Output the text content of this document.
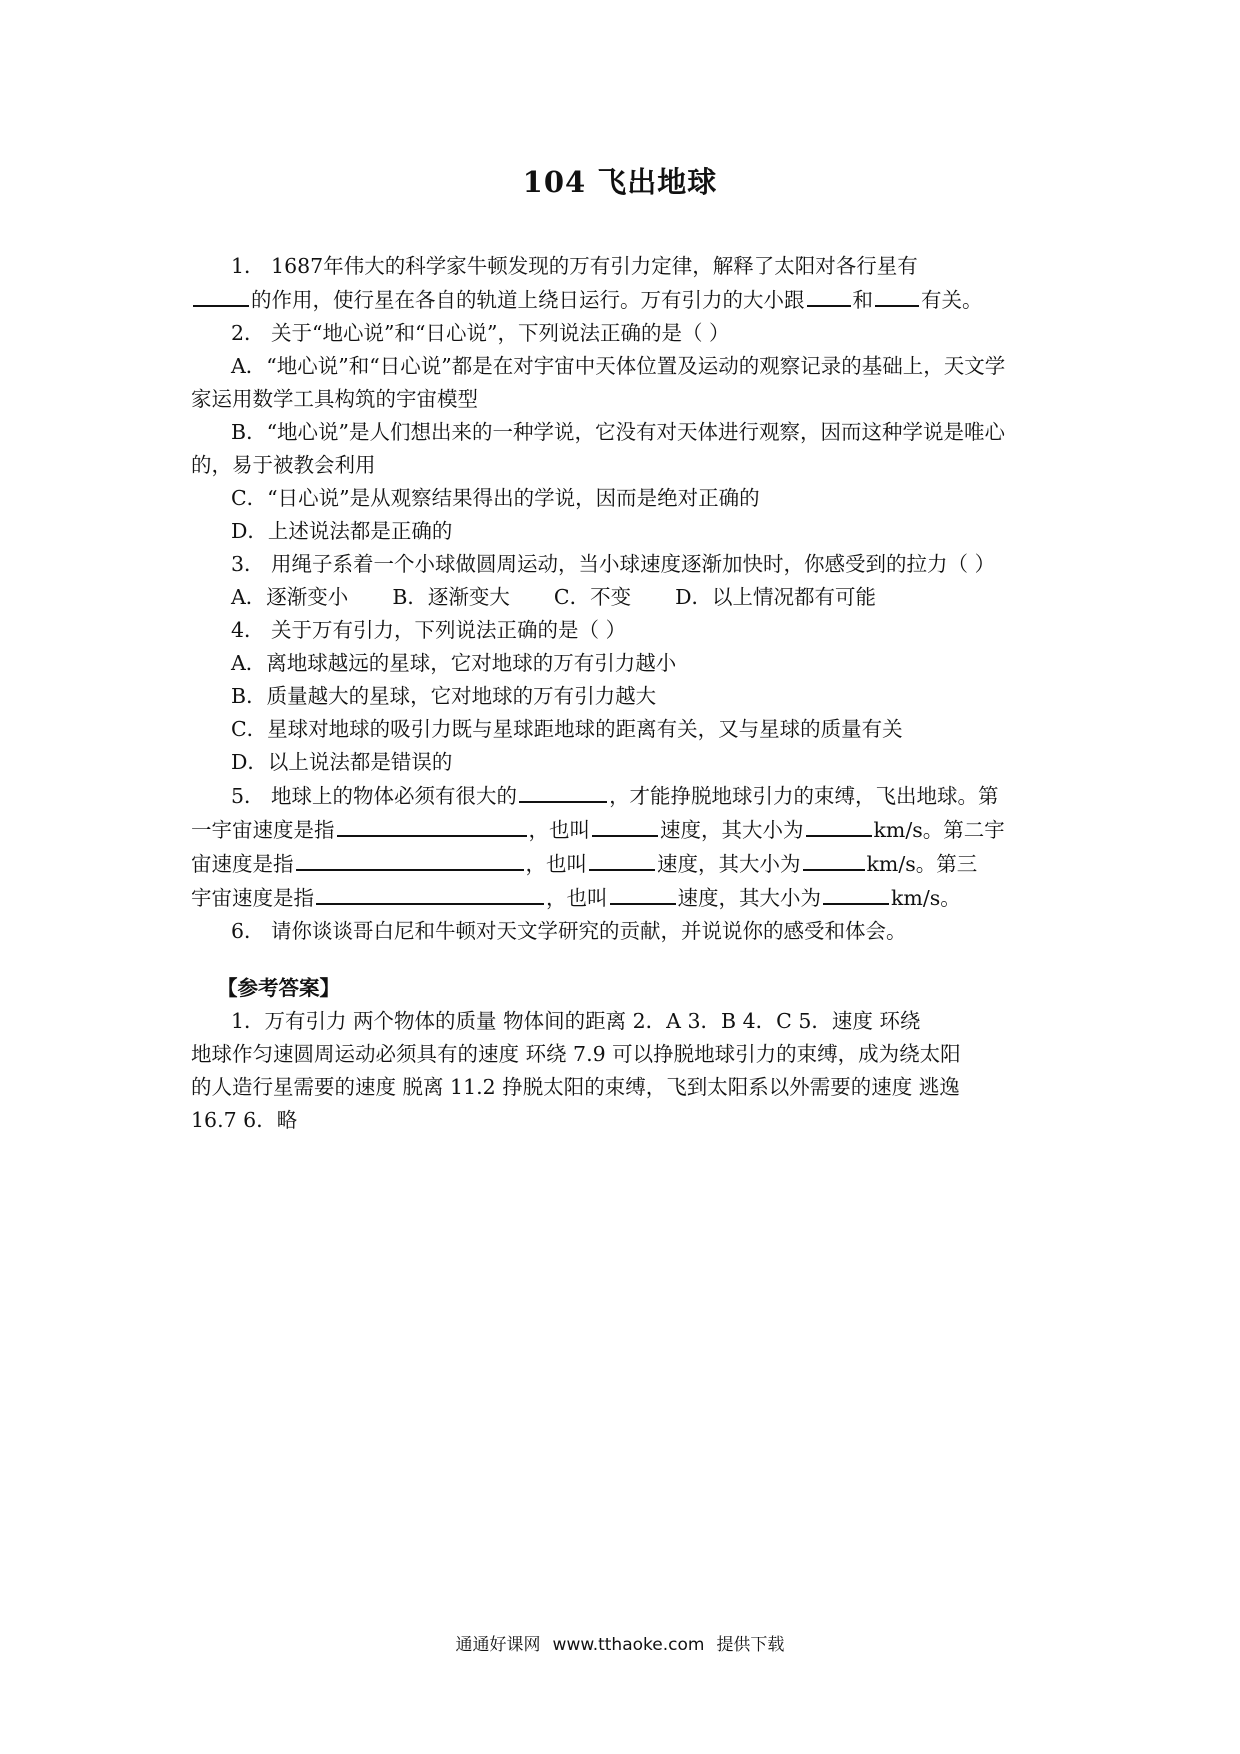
104 飞出地球
1． 1687年伟大的科学家牛顿发现的万有引力定律，解释了太阳对各行星有
的作用，使行星在各自的轨道上绕日运行。万有引力的大小跟 和 有关。
2． 关于“地心说”和“日心说”，下列说法正确的是（ ）
A．“地心说”和“日心说”都是在对宇宙中天体位置及运动的观察记录的基础上，天文学
家运用数学工具构筑的宇宙模型
B．“地心说”是人们想出来的一种学说，它没有对天体进行观察，因而这种学说是唯心
的，易于被教会利用
C．“日心说”是从观察结果得出的学说，因而是绝对正确的
D．上述说法都是正确的
3． 用绳子系着一个小球做圆周运动，当小球速度逐渐加快时，你感受到的拉力（ ）
A．逐渐变小 B．逐渐变大 C．不变 D．以上情况都有可能
4． 关于万有引力，下列说法正确的是（ ）
A．离地球越远的星球，它对地球的万有引力越小
B．质量越大的星球，它对地球的万有引力越大
C．星球对地球的吸引力既与星球距地球的距离有关，又与星球的质量有关
D．以上说法都是错误的
5． 地球上的物体必须有很大的	，才能挣脱地球引力的束缚，飞出地球。第
一宇宙速度是指	，也叫	速度，其大小为	km/s。第二宇
宙速度是指	，也叫	速度，其大小为	km/s。第三
宇宙速度是指	，也叫	速度，其大小为	km/s。
6． 请你谈谈哥白尼和牛顿对天文学研究的贡献，并说说你的感受和体会。
【参考答案】
1．万有引力 两个物体的质量 物体间的距离 2．A 3．B 4．C 5．速度 环绕
地球作匀速圆周运动必须具有的速度 环绕 7.9 可以挣脱地球引力的束缚，成为绕太阳
的人造行星需要的速度 脱离 11.2 挣脱太阳的束缚，飞到太阳系以外需要的速度 逃逸
16.7 6．略
通通好课网 www.tthaoke.com 提供下载
